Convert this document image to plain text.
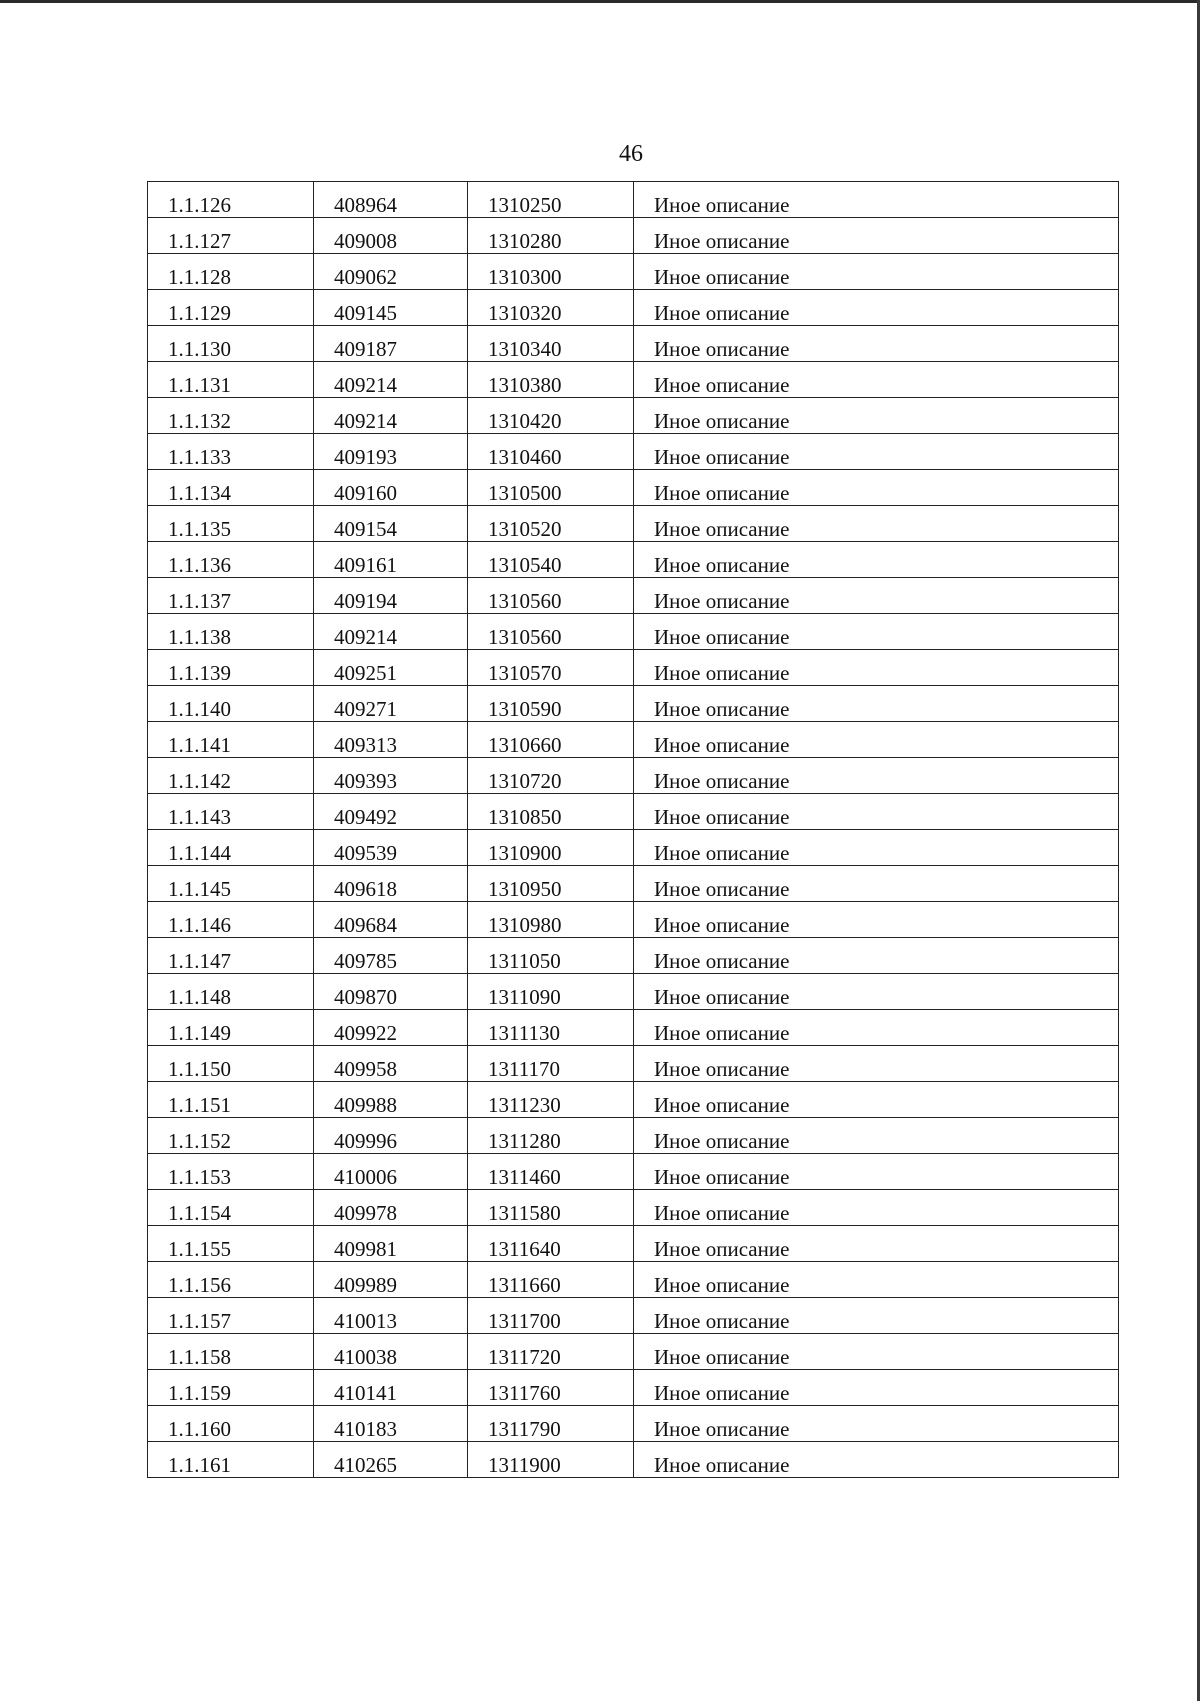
46
1.1.126	408964	1310250	Иное описание
1.1.127	409008	1310280	Иное описание
1.1.128	409062	1310300	Иное описание
1.1.129	409145	1310320	Иное описание
1.1.130	409187	1310340	Иное описание
1.1.131	409214	1310380	Иное описание
1.1.132	409214	1310420	Иное описание
1.1.133	409193	1310460	Иное описание
1.1.134	409160	1310500	Иное описание
1.1.135	409154	1310520	Иное описание
1.1.136	409161	1310540	Иное описание
1.1.137	409194	1310560	Иное описание
1.1.138	409214	1310560	Иное описание
1.1.139	409251	1310570	Иное описание
1.1.140	409271	1310590	Иное описание
1.1.141	409313	1310660	Иное описание
1.1.142	409393	1310720	Иное описание
1.1.143	409492	1310850	Иное описание
1.1.144	409539	1310900	Иное описание
1.1.145	409618	1310950	Иное описание
1.1.146	409684	1310980	Иное описание
1.1.147	409785	1311050	Иное описание
1.1.148	409870	1311090	Иное описание
1.1.149	409922	1311130	Иное описание
1.1.150	409958	1311170	Иное описание
1.1.151	409988	1311230	Иное описание
1.1.152	409996	1311280	Иное описание
1.1.153	410006	1311460	Иное описание
1.1.154	409978	1311580	Иное описание
1.1.155	409981	1311640	Иное описание
1.1.156	409989	1311660	Иное описание
1.1.157	410013	1311700	Иное описание
1.1.158	410038	1311720	Иное описание
1.1.159	410141	1311760	Иное описание
1.1.160	410183	1311790	Иное описание
1.1.161	410265	1311900	Иное описание
